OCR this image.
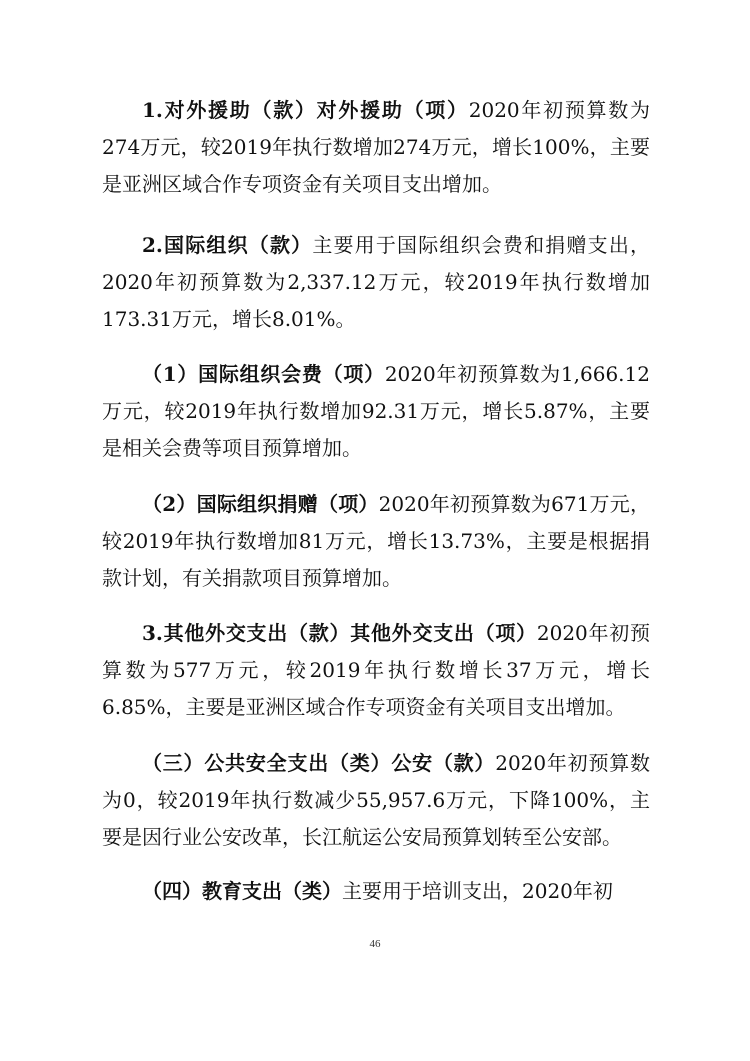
1.对外援助（款）对外援助（项）2020年初预算数为274万元，较2019年执行数增加274万元，增长100%，主要是亚洲区域合作专项资金有关项目支出增加。

2.国际组织（款）主要用于国际组织会费和捐赠支出，2020年初预算数为2,337.12万元，较2019年执行数增加173.31万元，增长8.01%。

（1）国际组织会费（项）2020年初预算数为1,666.12万元，较2019年执行数增加92.31万元，增长5.87%，主要是相关会费等项目预算增加。

（2）国际组织捐赠（项）2020年初预算数为671万元，较2019年执行数增加81万元，增长13.73%，主要是根据捐款计划，有关捐款项目预算增加。

3.其他外交支出（款）其他外交支出（项）2020年初预算数为577万元，较2019年执行数增长37万元，增长6.85%，主要是亚洲区域合作专项资金有关项目支出增加。

（三）公共安全支出（类）公安（款）2020年初预算数为0，较2019年执行数减少55,957.6万元，下降100%，主要是因行业公安改革，长江航运公安局预算划转至公安部。

（四）教育支出（类）主要用于培训支出，2020年初

46
